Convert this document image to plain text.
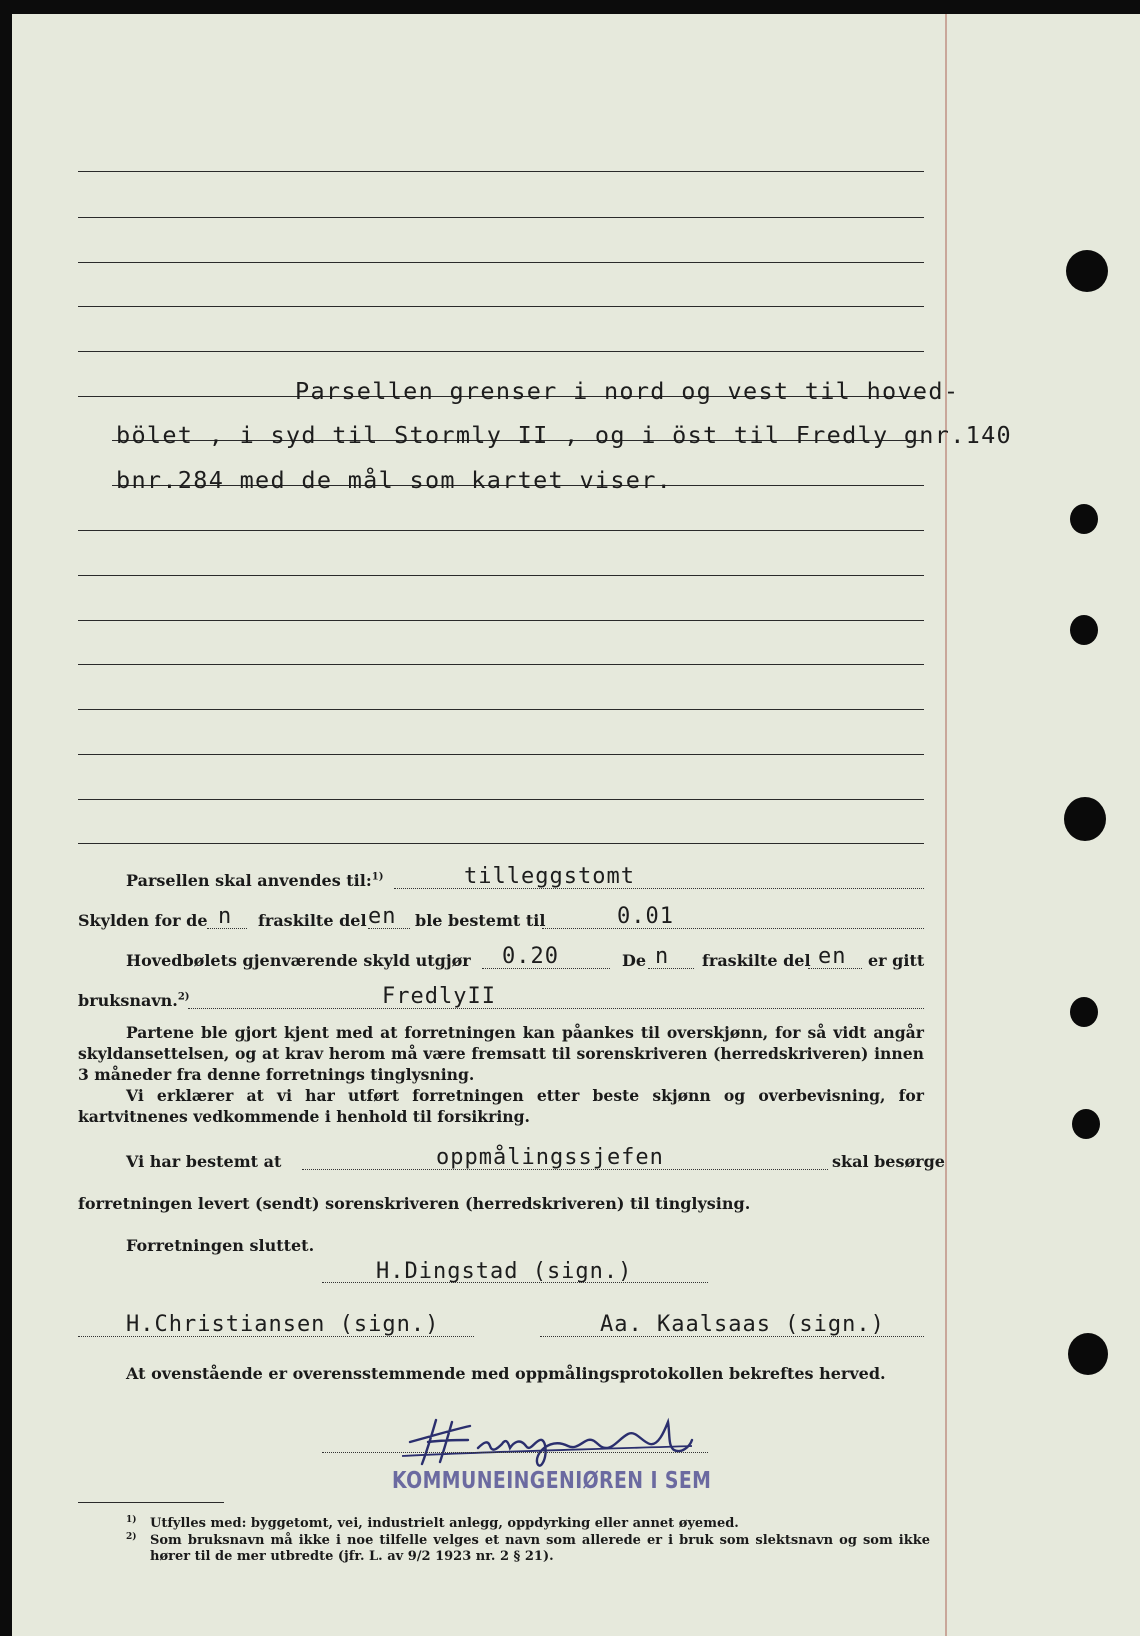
Parsellen grenser i nord og vest til hoved-
bölet , i syd til Stormly II , og i öst til Fredly gnr.140
bnr.284 med de mål som kartet viser.
Parsellen skal anvendes til:$^{1)}$	tilleggstomt
Skylden for de n fraskilte del en ble bestemt til	0.01
Hovedbølets gjenværende skyld utgjør 0.20	De n fraskilte del en er gitt
bruksnavn.$^{2)}$	FredlyII
Partene ble gjort kjent med at forretningen kan påankes til overskjønn, for så vidt angår skyldansettelsen, og at krav herom må være fremsatt til sorenskriveren (herredskriveren) innen 3 måneder fra denne forretnings tinglysning.
Vi erklærer at vi har utført forretningen etter beste skjønn og overbevisning, for kartvitnenes vedkommende i henhold til forsikring.
Vi har bestemt at	oppmålingssjefen	skal besørge
forretningen levert (sendt) sorenskriveren (herredskriveren) til tinglysing.
Forretningen sluttet.
H.Dingstad (sign.)
H.Christiansen (sign.)	Aa. Kaalsaas (sign.)
At ovenstående er overensstemmende med oppmålingsprotokollen bekreftes herved.
KOMMUNEINGENIØREN I SEM
$^{1)}$ Utfylles med: byggetomt, vei, industrielt anlegg, oppdyrking eller annet øyemed.
$^{2)}$ Som bruksnavn må ikke i noe tilfelle velges et navn som allerede er i bruk som slektsnavn og som ikke hører til de mer utbredte (jfr. L. av 9/2 1923 nr. 2 § 21).
